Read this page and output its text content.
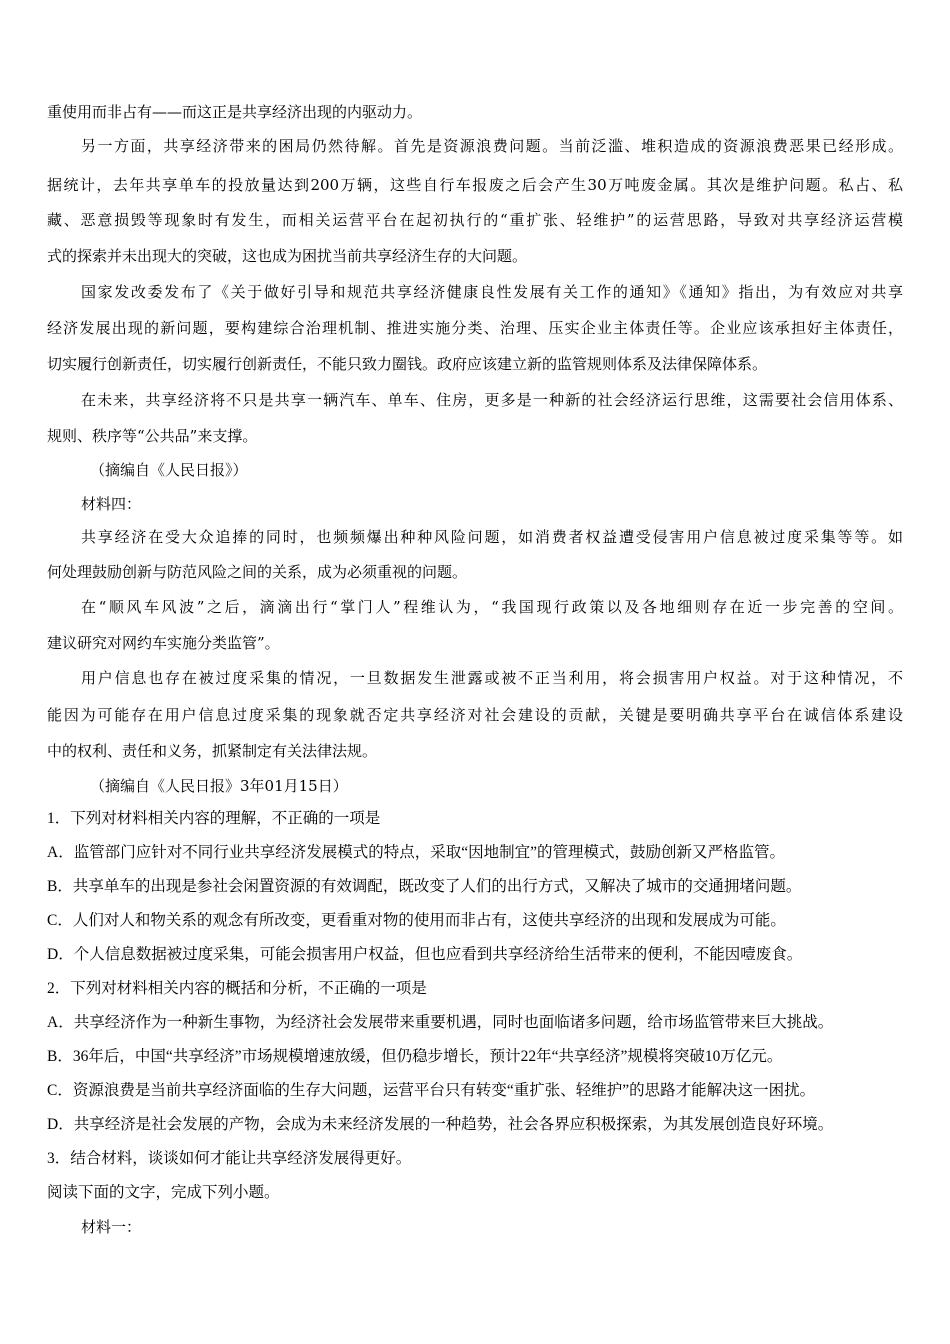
重使用而非占有——而这正是共享经济出现的内驱动力。
另一方面，共享经济带来的困局仍然待解。首先是资源浪费问题。当前泛滥、堆积造成的资源浪费恶果已经形成。
据统计，去年共享单车的投放量达到200万辆，这些自行车报废之后会产生30万吨废金属。其次是维护问题。私占、私
藏、恶意损毁等现象时有发生，而相关运营平台在起初执行的“重扩张、轻维护”的运营思路，导致对共享经济运营模
式的探索并未出现大的突破，这也成为困扰当前共享经济生存的大问题。
国家发改委发布了《关于做好引导和规范共享经济健康良性发展有关工作的通知》《通知》指出，为有效应对共享
经济发展出现的新问题，要构建综合治理机制、推进实施分类、治理、压实企业主体责任等。企业应该承担好主体责任，
切实履行创新责任，切实履行创新责任，不能只致力圈钱。政府应该建立新的监管规则体系及法律保障体系。
在未来，共享经济将不只是共享一辆汽车、单车、住房，更多是一种新的社会经济运行思维，这需要社会信用体系、
规则、秩序等“公共品”来支撑。
（摘编自《人民日报》）
材料四：
共享经济在受大众追捧的同时，也频频爆出种种风险问题，如消费者权益遭受侵害用户信息被过度采集等等。如
何处理鼓励创新与防范风险之间的关系，成为必须重视的问题。
在“顺风车风波”之后，滴滴出行“掌门人”程维认为，“我国现行政策以及各地细则存在近一步完善的空间。
建议研究对网约车实施分类监管”。
用户信息也存在被过度采集的情况，一旦数据发生泄露或被不正当利用，将会损害用户权益。对于这种情况，不
能因为可能存在用户信息过度采集的现象就否定共享经济对社会建设的贡献，关键是要明确共享平台在诚信体系建设
中的权利、责任和义务，抓紧制定有关法律法规。
（摘编自《人民日报》3年01月15日）
1．下列对材料相关内容的理解，不正确的一项是
A．监管部门应针对不同行业共享经济发展模式的特点，采取“因地制宜”的管理模式，鼓励创新又严格监管。
B．共享单车的出现是参社会闲置资源的有效调配，既改变了人们的出行方式，又解决了城市的交通拥堵问题。
C．人们对人和物关系的观念有所改变，更看重对物的使用而非占有，这使共享经济的出现和发展成为可能。
D．个人信息数据被过度采集，可能会损害用户权益，但也应看到共享经济给生活带来的便利，不能因噎废食。
2．下列对材料相关内容的概括和分析，不正确的一项是
A．共享经济作为一种新生事物，为经济社会发展带来重要机遇，同时也面临诸多问题，给市场监管带来巨大挑战。
B．36年后，中国“共享经济”市场规模增速放缓，但仍稳步增长，预计22年“共享经济”规模将突破10万亿元。
C．资源浪费是当前共享经济面临的生存大问题，运营平台只有转变“重扩张、轻维护”的思路才能解决这一困扰。
D．共享经济是社会发展的产物，会成为未来经济发展的一种趋势，社会各界应积极探索，为其发展创造良好环境。
3．结合材料，谈谈如何才能让共享经济发展得更好。
阅读下面的文字，完成下列小题。
材料一：
